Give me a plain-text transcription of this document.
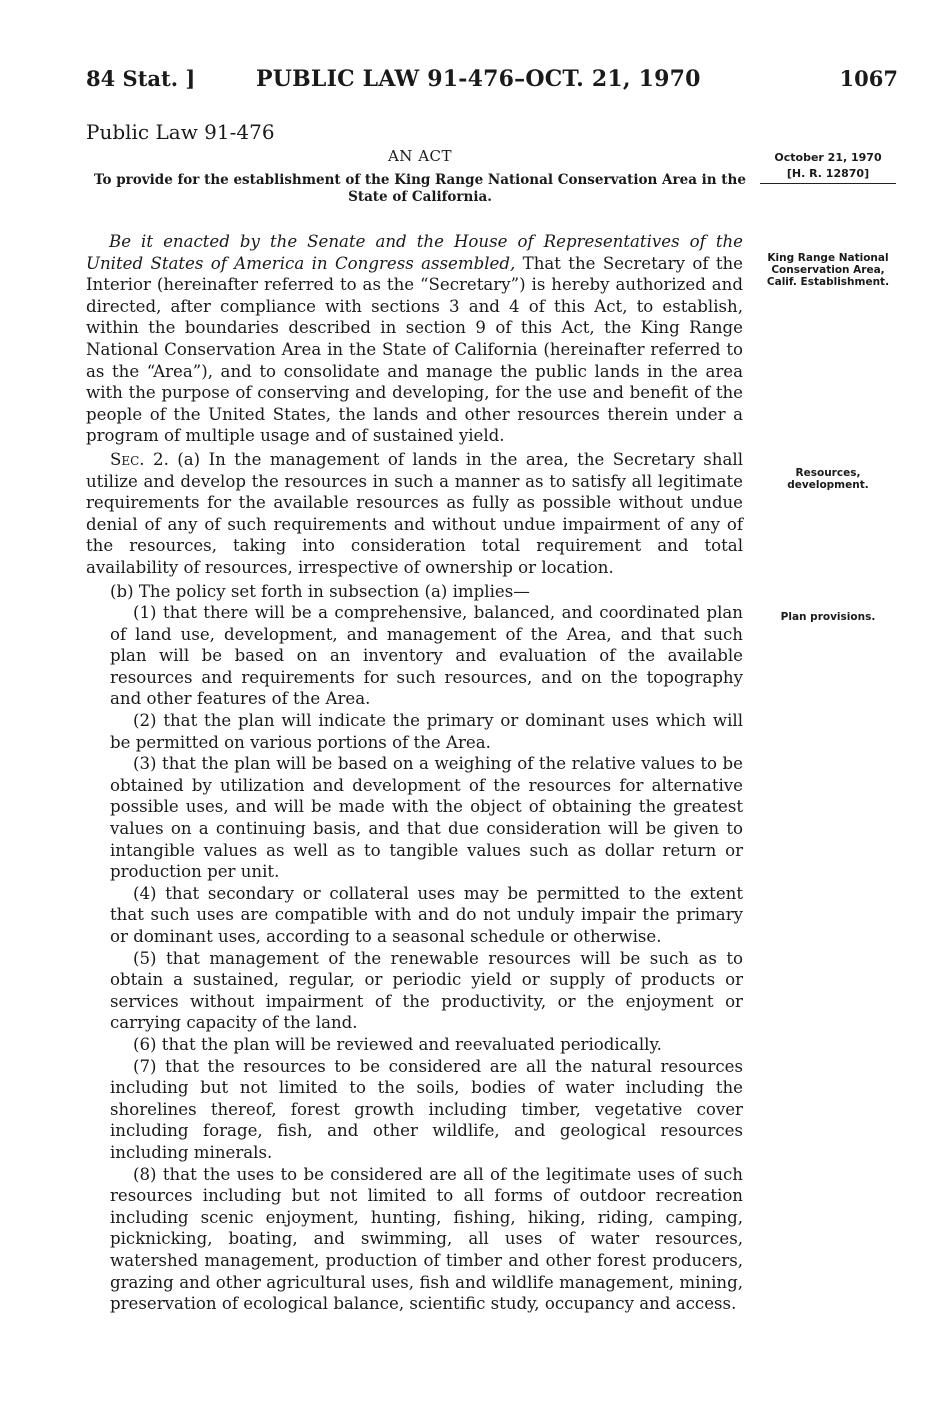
84 Stat. ]	PUBLIC LAW 91-476–OCT. 21, 1970	1067
Public Law 91-476
AN ACT
To provide for the establishment of the King Range National Conservation Area in the State of California.
October 21, 1970
[H. R. 12870]
King Range National Conservation Area, Calif. Establishment.
Resources, development.
Plan provisions.

Be it enacted by the Senate and the House of Representatives of the United States of America in Congress assembled, That the Secretary of the Interior (hereinafter referred to as the “Secretary”) is hereby authorized and directed, after compliance with sections 3 and 4 of this Act, to establish, within the boundaries described in section 9 of this Act, the King Range National Conservation Area in the State of California (hereinafter referred to as the “Area”), and to consolidate and manage the public lands in the area with the purpose of conserving and developing, for the use and benefit of the people of the United States, the lands and other resources therein under a program of multiple usage and of sustained yield.

Sec. 2. (a) In the management of lands in the area, the Secretary shall utilize and develop the resources in such a manner as to satisfy all legitimate requirements for the available resources as fully as possible without undue denial of any of such requirements and without undue impairment of any of the resources, taking into consideration total requirement and total availability of resources, irrespective of ownership or location.

(b) The policy set forth in subsection (a) implies—

(1) that there will be a comprehensive, balanced, and coordinated plan of land use, development, and management of the Area, and that such plan will be based on an inventory and evaluation of the available resources and requirements for such resources, and on the topography and other features of the Area.

(2) that the plan will indicate the primary or dominant uses which will be permitted on various portions of the Area.

(3) that the plan will be based on a weighing of the relative values to be obtained by utilization and development of the resources for alternative possible uses, and will be made with the object of obtaining the greatest values on a continuing basis, and that due consideration will be given to intangible values as well as to tangible values such as dollar return or production per unit.

(4) that secondary or collateral uses may be permitted to the extent that such uses are compatible with and do not unduly impair the primary or dominant uses, according to a seasonal schedule or otherwise.

(5) that management of the renewable resources will be such as to obtain a sustained, regular, or periodic yield or supply of products or services without impairment of the productivity, or the enjoyment or carrying capacity of the land.

(6) that the plan will be reviewed and reevaluated periodically.

(7) that the resources to be considered are all the natural resources including but not limited to the soils, bodies of water including the shorelines thereof, forest growth including timber, vegetative cover including forage, fish, and other wildlife, and geological resources including minerals.

(8) that the uses to be considered are all of the legitimate uses of such resources including but not limited to all forms of outdoor recreation including scenic enjoyment, hunting, fishing, hiking, riding, camping, picknicking, boating, and swimming, all uses of water resources, watershed management, production of timber and other forest producers, grazing and other agricultural uses, fish and wildlife management, mining, preservation of ecological balance, scientific study, occupancy and access.
